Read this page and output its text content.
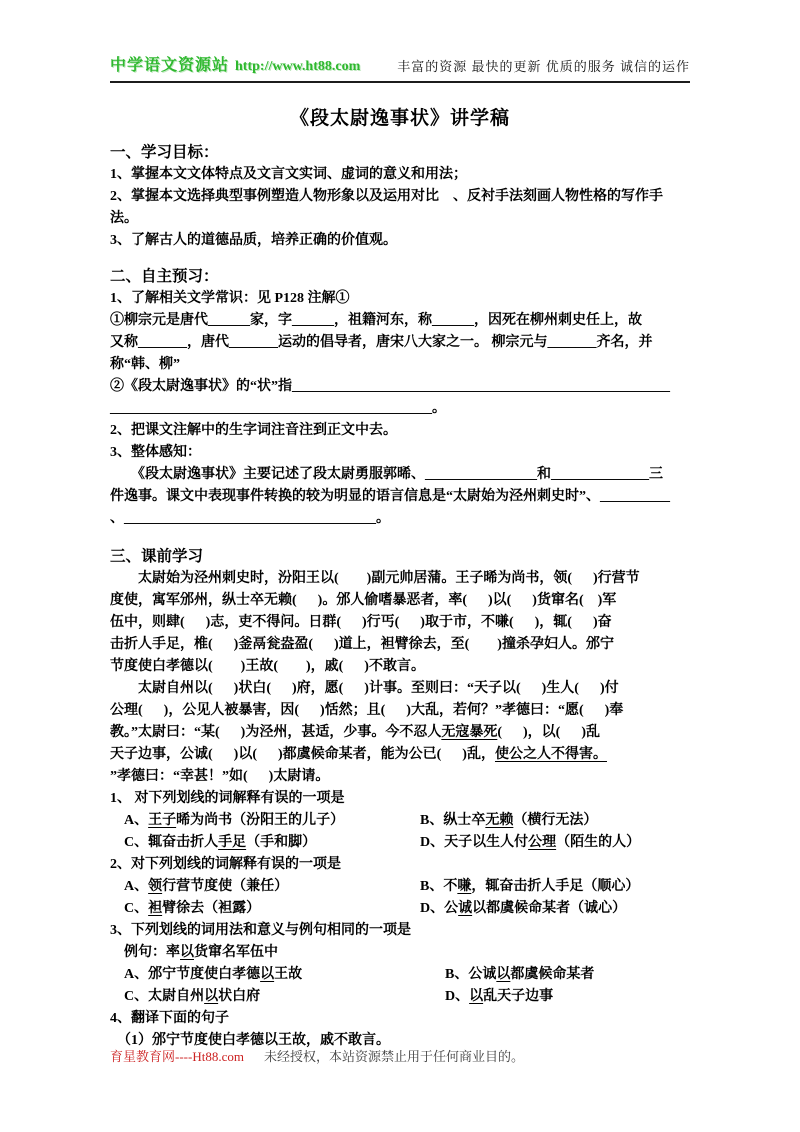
中学语文资源站 http://www.ht88.com	丰富的资源 最快的更新 优质的服务 诚信的运作
《段太尉逸事状》讲学稿
一、学习目标：
1、掌握本文文体特点及文言文实词、虚词的意义和用法；
2、掌握本文选择典型事例塑造人物形象以及运用对比　、反衬手法刻画人物性格的写作手
法。
3、了解古人的道德品质，培养正确的价值观。
二、自主预习：
1、了解相关文学常识：见 P128 注解①
①柳宗元是唐代______家，字______，祖籍河东，称______，因死在柳州刺史任上，故
又称_______，唐代_______运动的倡导者，唐宋八大家之一。 柳宗元与_______齐名，并
称“韩、柳”
②《段太尉逸事状》的“状”指______________________________________________________
______________________________________________。
2、把课文注解中的生字词注音注到正文中去。
3、整体感知：
　　《段太尉逸事状》主要记述了段太尉勇服郭晞、________________和______________三
件逸事。课文中表现事件转换的较为明显的语言信息是“太尉始为泾州刺史时”、__________
、____________________________________。
三、课前学习
　　太尉始为泾州刺史时，汾阳王以(        )副元帅居蒲。王子晞为尚书，领(      )行营节
度使，寓军邠州，纵士卒无赖(      )。邠人偷嗜暴恶者，率(      )以(      )货窜名(    )军
伍中，则肆(      )志，吏不得问。日群(      )行丐(      )取于市，不嗛(      )，辄(      )奋
击折人手足，椎(      )釜鬲瓮盎盈(      )道上，袒臂徐去，至(        )撞杀孕妇人。邠宁
节度使白孝德以(        )王故(        )，戚(      )不敢言。
　　太尉自州以(      )状白(      )府，愿(      )计事。至则曰：“天子以(      )生人(      )付
公理(      )，公见人被暴害，因(      )恬然；且(      )大乱，若何？”孝德曰：“愿(      )奉
教。”太尉曰：“某(      )为泾州，甚适，少事。今不忍人无寇暴死(      )，以(      )乱
天子边事，公诚(      )以(      )都虞候命某者，能为公已(      )乱，使公之人不得害。
”孝德曰：“幸甚！”如(      )太尉请。
1、 对下列划线的词解释有误的一项是
　A、王子晞为尚书（汾阳王的儿子）	B、纵士卒无赖（横行无法）
　C、辄奋击折人手足（手和脚）	D、天子以生人付公理（陌生的人）
2、对下列划线的词解释有误的一项是
　A、领行营节度使（兼任）	B、不嗛，辄奋击折人手足（顺心）
　C、袒臂徐去（袒露）	D、公诚以都虞候命某者（诚心）
3、下列划线的词用法和意义与例句相同的一项是
　例句：率以货窜名军伍中
　A、邠宁节度使白孝德以王故	B、公诚以都虞候命某者
　C、太尉自州以状白府	D、以乱天子边事
4、翻译下面的句子
　（1）邠宁节度使白孝德以王故，戚不敢言。
育星教育网----Ht88.com 未经授权，本站资源禁止用于任何商业目的。
